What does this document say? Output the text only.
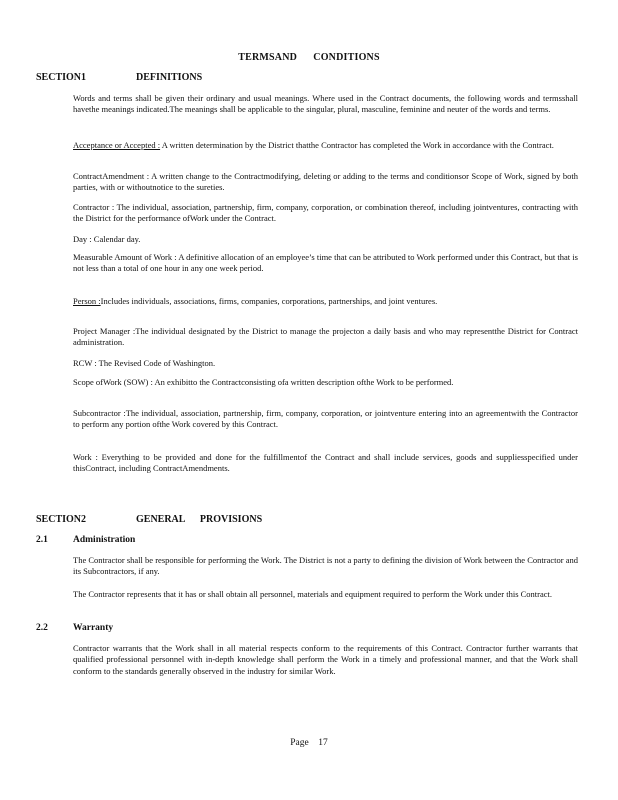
TERMSAND      CONDITIONS
SECTION1	DEFINITIONS

Words and terms shall be given their ordinary and usual meanings. Where used in the Contract documents, the following words and termsshall havethe meanings indicated.The meanings shall be applicable to the singular, plural, masculine, feminine and neuter of the words and terms.

Acceptance or Accepted : A written determination by the District thatthe Contractor has completed the Work in accordance with the Contract.

ContractAmendment : A written change to the Contractmodifying, deleting or adding to the terms and conditionsor Scope of Work, signed by both parties, with or withoutnotice to the sureties.

Contractor : The individual, association, partnership, firm, company, corporation, or combination thereof, including jointventures, contracting with the District for the performance ofWork under the Contract.

Day : Calendar day.

Measurable Amount of Work : A definitive allocation of an employee’s time that can be attributed to Work performed under this Contract, but that is not less than a total of one hour in any one week period.

Person :Includes individuals, associations, firms, companies, corporations, partnerships, and joint ventures.

Project Manager :The individual designated by the District to manage the projecton a daily basis and who may representthe District for Contract administration.

RCW : The Revised Code of Washington.

Scope ofWork (SOW) : An exhibitto the Contractconsisting ofa written description ofthe Work to be performed.

Subcontractor :The individual, association, partnership, firm, company, corporation, or jointventure entering into an agreementwith the Contractor to perform any portion ofthe Work covered by this Contract.

Work : Everything to be provided and done for the fulfillmentof the Contract and shall include services, goods and suppliesspecified under thisContract, including ContractAmendments.

SECTION2	GENERAL      PROVISIONS
2.1	Administration

The Contractor shall be responsible for performing the Work. The District is not a party to defining the division of Work between the Contractor and its Subcontractors, if any.

The Contractor represents that it has or shall obtain all personnel, materials and equipment required to perform the Work under this Contract.

2.2	Warranty

Contractor warrants that the Work shall in all material respects conform to the requirements of this Contract. Contractor further warrants that qualified professional personnel with in-depth knowledge shall perform the Work in a timely and professional manner, and that the Work shall conform to the standards generally observed in the industry for similar Work.

Page    17
